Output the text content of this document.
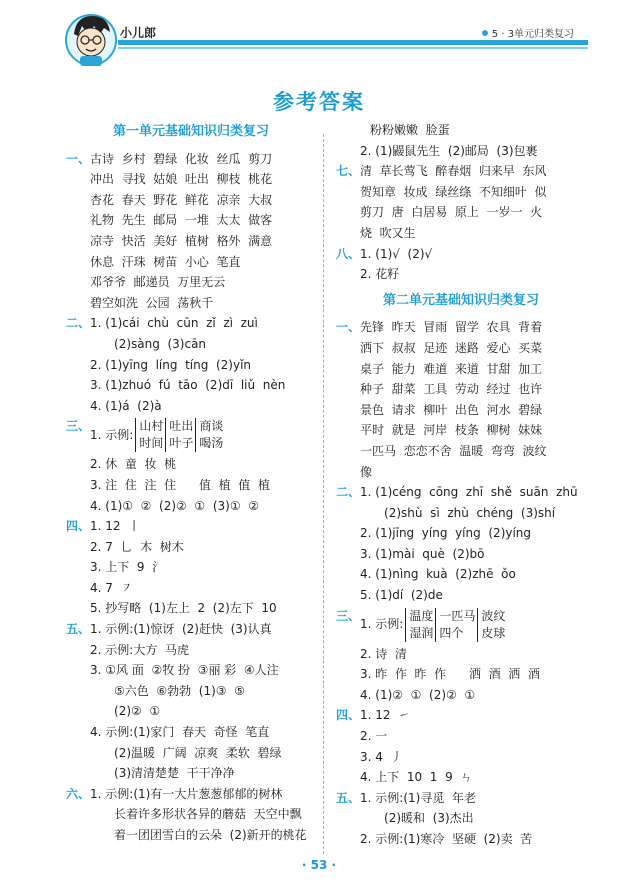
小儿郎	5 · 3单元归类复习
参考答案
第一单元基础知识归类复习
一、 古诗  乡村  碧绿  化妆  丝瓜  剪刀
冲出  寻找  姑娘  吐出  柳枝  桃花
杏花  春天  野花  鲜花  凉亲  大叔
礼物  先生  邮局  一堆  太太  做客
凉寺  快活  美好  植树  格外  满意
休息  汗珠  树苗  小心  笔直
邓爷爷  邮递员  万里无云
碧空如洗  公园  荡秋千
二、 1. (1)cái  chù  cūn  zǐ  zì  zuì
(2)sàng  (3)cān
2. (1)yīng  líng  tíng  (2)yǐn
3. (1)zhuó  fú  tāo  (2)dī  liǔ  nèn
4. (1)á  (2)à
三、
1. 示例:
山村
时间
吐出
叶子
商谈
喝汤
2. 休  童  妆  桃
3. 注  住  注  住      值  植  值  植
4. (1)①  ②  (2)②  ①  (3)①  ②
四、 1. 12  丨
2. 7  乚  木  树木
3. 上下  9  氵
4. 7  ㇇
5. 抄写略  (1)左上  2  (2)左下  10
五、 1. 示例:(1)惊讶  (2)赶快  (3)认真
2. 示例:大方  马虎
3. ①风 面  ②牧 扮  ③丽 彩  ④人注
⑤六色  ⑥勃勃  (1)③  ⑤
(2)②  ①
4. 示例:(1)家门  春天  奇怪  笔直
(2)温暖  广阔  凉爽  柔软  碧绿
(3)清清楚楚  干干净净
六、 1. 示例:(1)有一大片葱葱郁郁的树林
长着许多形状各异的蘑菇  天空中飘
着一团团雪白的云朵  (2)新开的桃花
粉粉嫩嫩  脸蛋
2. (1)鼹鼠先生  (2)邮局  (3)包裹
七、 清  草长莺飞  醉春烟  归来早  东风
贺知章  妆成  绿丝绦  不知细叶  似
剪刀  唐  白居易  原上  一岁一  火
烧  吹又生
八、 1. (1)√  (2)√
2. 花籽
第二单元基础知识归类复习
一、 先锋  昨天  冒雨  留学  农具  背着
洒下  叔叔  足迹  迷路  爱心  买菜
桌子  能力  难道  来道  甘甜  加工
种子  甜菜  工具  劳动  经过  也许
景色  请求  柳叶  出色  河水  碧绿
平时  就是  河岸  枝条  柳树  妹妹
一匹马  恋恋不舍  温暖  弯弯  波纹
像
二、 1. (1)céng  cōng  zhī  shě  suān  zhū
(2)shù  sì  zhù  chéng  (3)shí
2. (1)jīng  yíng  yíng  (2)yíng
3. (1)mài  què  (2)bō
4. (1)nìng  kuà  (2)zhē  ǒo
5. (1)dí  (2)de
三、
1. 示例:
温度
湿润
一匹马
四个
波纹
皮球
2. 诗  清
3. 昨  作  昨  作      洒  酒  洒  酒
4. (1)②  ①  (2)②  ①
四、 1. 12  ㇀
2. 一
3. 4  丿
4. 上下  10  1  9  ㄣ
五、 1. 示例:(1)寻觅  年老
(2)暖和  (3)杰出
2. 示例:(1)寒冷  坚硬  (2)卖  苦
· 53 ·
